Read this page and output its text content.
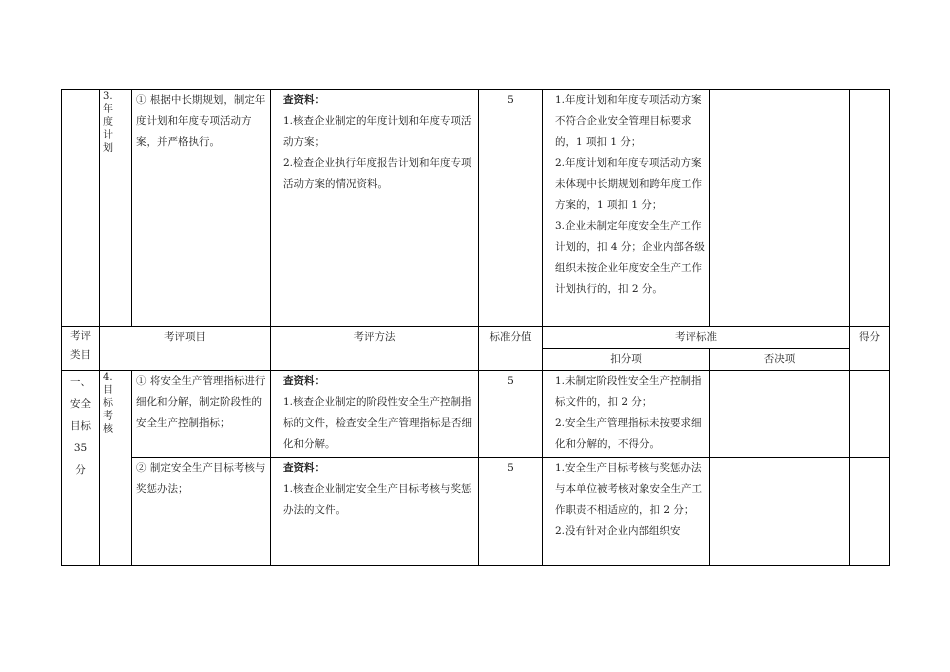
	3.
年
度
计
划	① 根据中长期规划，制定年度计划和年度专项活动方案，并严格执行。	查资料：
1.核查企业制定的年度计划和年度专项活动方案；
2.检查企业执行年度报告计划和年度专项活动方案的情况资料。	5	1.年度计划和年度专项活动方案不符合企业安全管理目标要求的，1 项扣 1 分；
2.年度计划和年度专项活动方案未体现中长期规划和跨年度工作方案的，1 项扣 1 分；
3.企业未制定年度安全生产工作计划的，扣 4 分；企业内部各级组织未按企业年度安全生产工作计划执行的，扣 2 分。		

考评类目	考评项目		考评方法	标准分值	考评标准		得分
					扣分项	否决项	

一、
安全
目标
35
分	4.
目
标
考
核	① 将安全生产管理指标进行细化和分解，制定阶段性的安全生产控制指标；	查资料：
1.核查企业制定的阶段性安全生产控制指标的文件，检查安全生产管理指标是否细化和分解。	5	1.未制定阶段性安全生产控制指标文件的，扣 2 分；
2.安全生产管理指标未按要求细化和分解的，不得分。		

		② 制定安全生产目标考核与奖惩办法；	查资料：
1.核查企业制定安全生产目标考核与奖惩办法的文件。	5	1.安全生产目标考核与奖惩办法与本单位被考核对象安全生产工作职责不相适应的，扣 2 分；
2.没有针对企业内部组织安		
